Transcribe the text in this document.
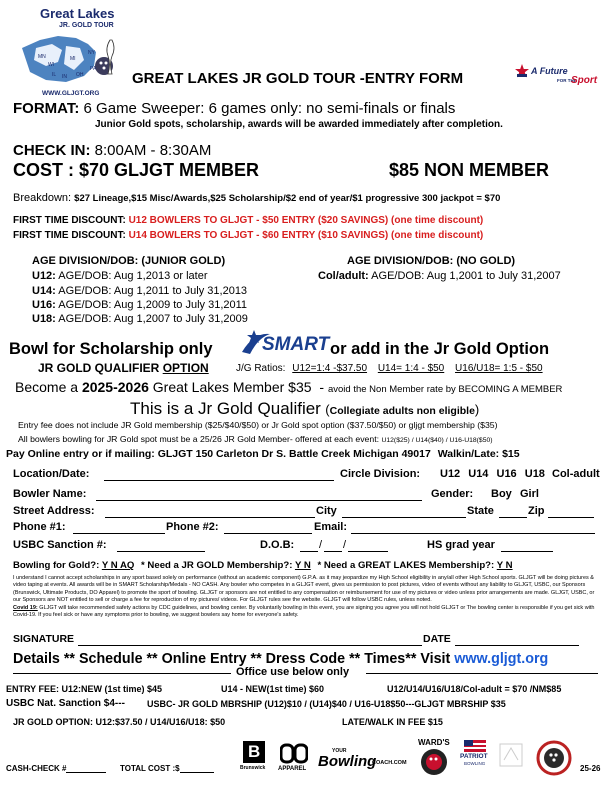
Great Lakes
JR. GOLD TOUR
MN
WI
MI
IL IN OH
NY
PA
WWW.GLJGT.ORG
GREAT LAKES JR GOLD TOUR -ENTRY FORM	A Future
FOR THE
Sport
FORMAT: 6 Game Sweeper: 6 games only: no semi-finals or finals
Junior Gold spots, scholarship, awards will be awarded immediately after completion.
CHECK IN: 8:00AM - 8:30AM
COST : $70 GLJGT MEMBER	$85 NON MEMBER
Breakdown: $27 Lineage,$15 Misc/Awards,$25 Scholarship/$2 end of year/$1 progressive 300 jackpot = $70
FIRST TIME DISCOUNT: U12 BOWLERS TO GLJGT - $50 ENTRY ($20 SAVINGS) (one time discount)
FIRST TIME DISCOUNT: U14 BOWLERS TO GLJGT - $60 ENTRY ($10 SAVINGS) (one time discount)
AGE DIVISION/DOB: (JUNIOR GOLD)
U12: AGE/DOB: Aug 1,2013 or later
U14: AGE/DOB: Aug 1,2011 to July 31,2013
U16: AGE/DOB: Aug 1,2009 to July 31,2011
U18: AGE/DOB: Aug 1,2007 to July 31,2009
AGE DIVISION/DOB: (NO GOLD)
Col/adult: AGE/DOB: Aug 1,2001 to July 31,2007
Bowl for Scholarship only	SMART or add in the Jr Gold Option
JR GOLD QUALIFIER OPTION	J/G Ratios: U12=1:4 -$37.50 U14= 1:4 - $50 U16/U18= 1:5 - $50
Become a 2025-2026 Great Lakes Member $35 - avoid the Non Member rate by BECOMING A MEMBER
This is a Jr Gold Qualifier (Collegiate adults non eligible)
Entry fee does not include JR Gold membership ($25/$40/$50) or Jr Gold spot option ($37.50/$50) or gljgt membership ($35)
All bowlers bowling for JR Gold spot must be a 25/26 JR Gold Member- offered at each event: U12($25) / U14($40) / U16-U18($50)
Pay Online entry or if mailing: GLJGT 150 Carleton Dr S. Battle Creek Michigan 49017 Walkin/Late: $15
Location/Date:	Circle Division: U12 U14 U16 U18 Col-adult
Bowler Name:	Gender: Boy Girl
Street Address:	City	State	Zip
Phone #1:	Phone #2:	Email:
USBC Sanction #:	D.O.B: / /	HS grad year
Bowling for Gold?: Y N AQ * Need a JR GOLD Membership?: Y N * Need a GREAT LAKES Membership?: Y N
I understand I cannot accept scholarships in any sport based solely on performance (without an academic component) G.P.A. as it may jeopardize my High School eligibility in any/all other High School sports. GLJGT will be doing pictures & video taping at events. All awards will be in SMART Scholarship/Medals - NO CASH. Any bowler who competes in a GLJGT event, gives us permission to post pictures, video of events without any liability to GLJGT, USBC, our Sponsors (Brunswick, Ultimate Products, DO Apparel) to promote the sport of bowling. GLJGT or sponsors are not entitled to any compensation or reimbursement for use of my pictures or video unless prior arrangements are made. GLJGT, USBC, or our Sponsors are NOT entitled to sell or charge a fee for reproduction of my pictures/ videos. For GLJGT rules see the website. GLJGT will follow USBC rules, unless noted.
Covid 19: GLJGT will take recommended safety actions by CDC guidelines, and bowling center. By voluntarily bowling in this event, you are signing you agree you will not hold GLJGT or The bowling center is responsible if you get sick with Covid-19. If you feel sick or have any symptoms prior to bowling, we suggest bowlers say home for everyone's safety.
SIGNATURE	DATE
Details ** Schedule ** Online Entry ** Dress Code ** Times** Visit www.gljgt.org
Office use below only
ENTRY FEE: U12:NEW (1st time) $45	U14 - NEW(1st time) $60	U12/U14/U16/U18/Col-adult = $70 /NM$85
USBC Nat. Sanction $4--- USBC- JR GOLD MBRSHIP (U12)$10 / (U14)$40 / U16-U18$50---GLJGT MBRSHIP $35
JR GOLD OPTION: U12:$37.50 / U14/U16/U18: $50	LATE/WALK IN FEE $15
CASH-CHECK #	TOTAL COST :$
B
Brunswick APPAREL
YOUR
Bowling
COACH.COM
WARD'S
PATRIOT
BOWLING
25-26
